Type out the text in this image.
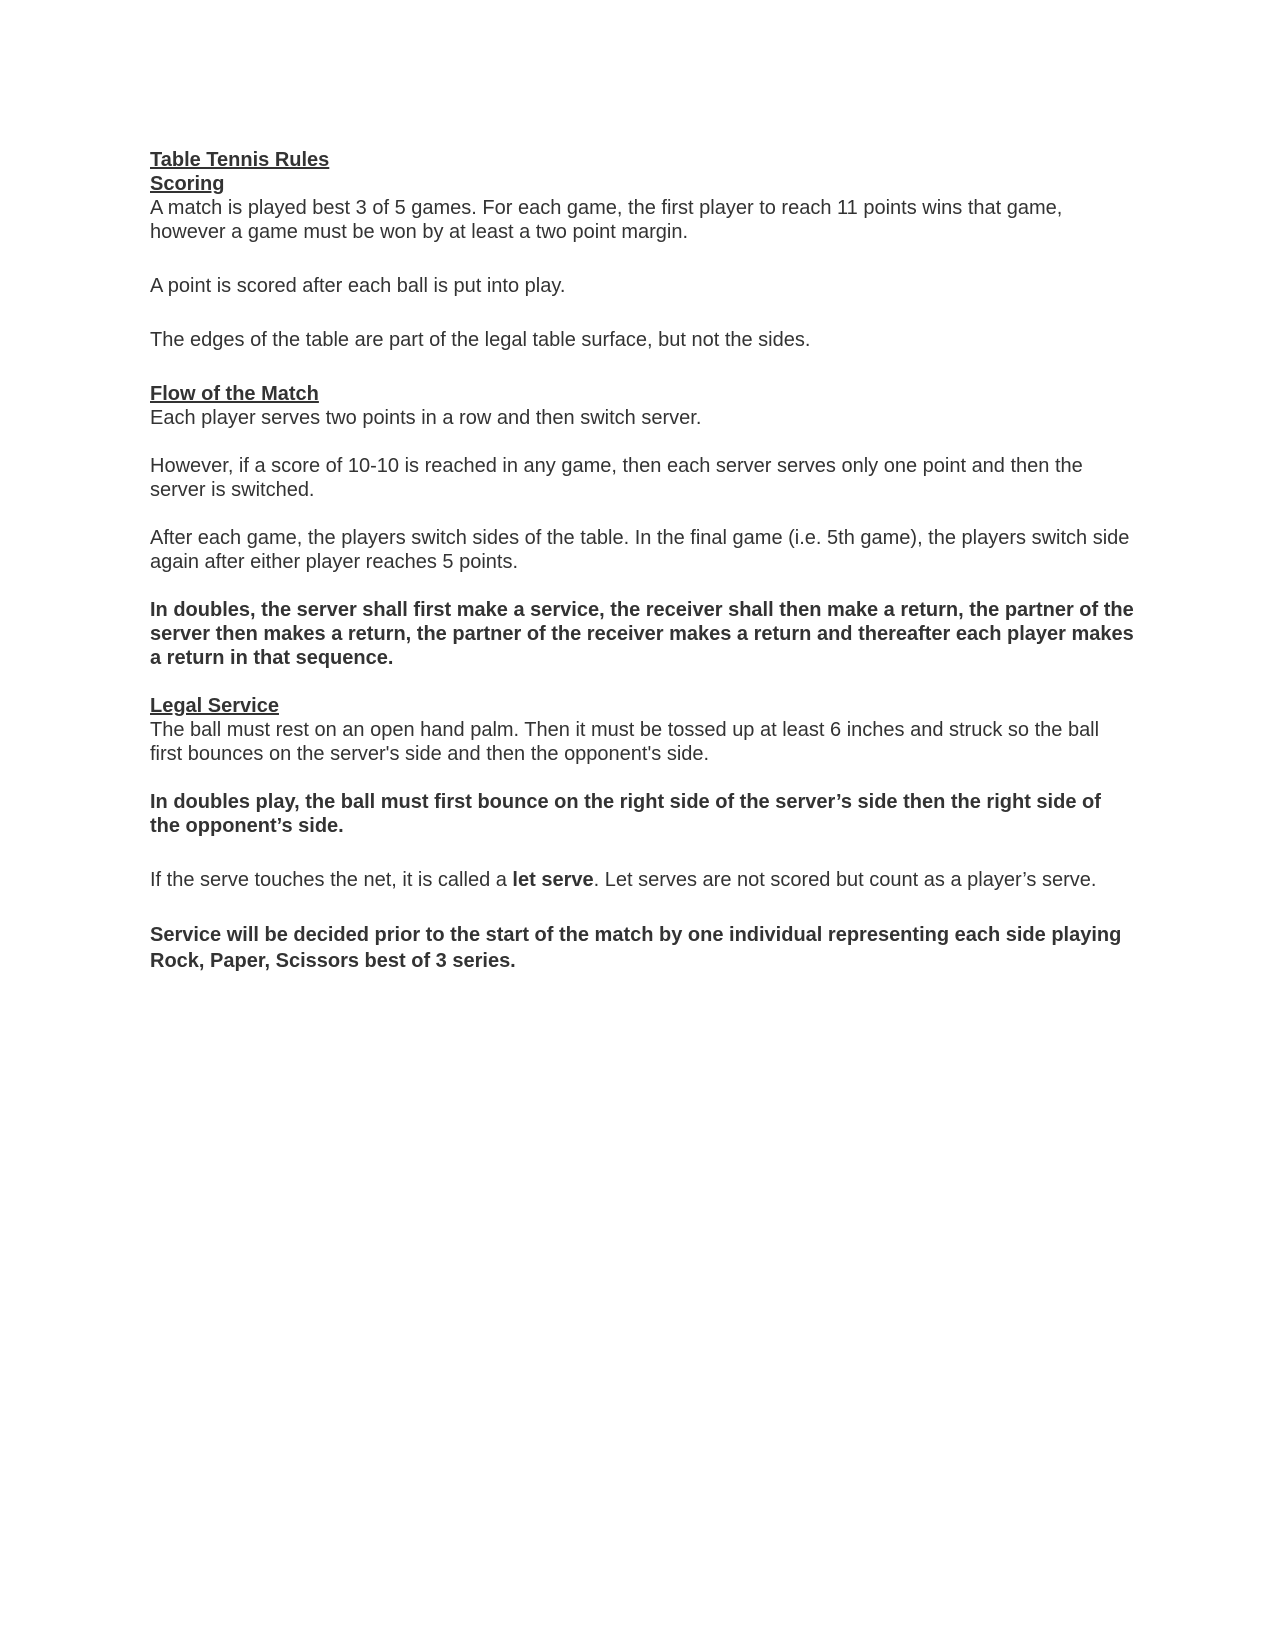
Table Tennis Rules

Scoring

A match is played best 3 of 5 games. For each game, the first player to reach 11 points wins that game, however a game must be won by at least a two point margin.

A point is scored after each ball is put into play.

The edges of the table are part of the legal table surface, but not the sides.

Flow of the Match

Each player serves two points in a row and then switch server.

However, if a score of 10-10 is reached in any game, then each server serves only one point and then the server is switched.

After each game, the players switch sides of the table. In the final game (i.e. 5th game), the players switch side again after either player reaches 5 points.

In doubles, the server shall first make a service, the receiver shall then make a return, the partner of the server then makes a return, the partner of the receiver makes a return and thereafter each player makes a return in that sequence.

Legal Service

The ball must rest on an open hand palm. Then it must be tossed up at least 6 inches and struck so the ball first bounces on the server's side and then the opponent's side.

In doubles play, the ball must first bounce on the right side of the server’s side then the right side of the opponent’s side.

If the serve touches the net, it is called a let serve. Let serves are not scored but count as a player’s serve.

Service will be decided prior to the start of the match by one individual representing each side playing Rock, Paper, Scissors best of 3 series.
